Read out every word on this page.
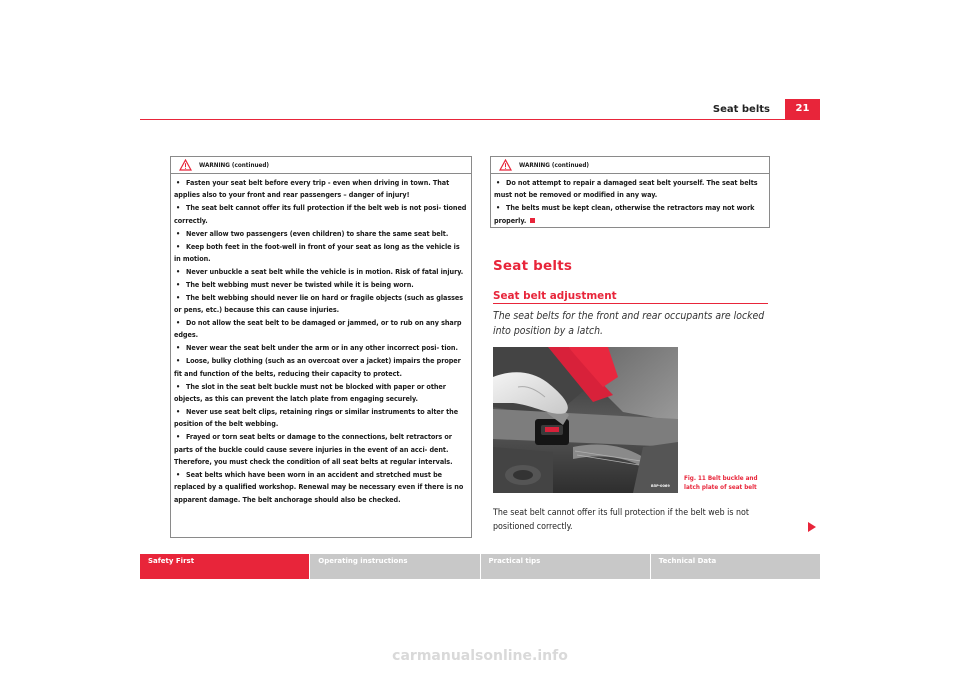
Seat belts	21
WARNING (continued)
• Fasten your seat belt before every trip - even when driving in town. That applies also to your front and rear passengers – danger of injury!
• The seat belt cannot offer its full protection if the belt web is not posi- tioned correctly.
• Never allow two passengers (even children) to share the same seat belt.
• Keep both feet in the foot-well in front of your seat as long as the vehicle is in motion.
• Never unbuckle a seat belt while the vehicle is in motion. Risk of fatal injury.
• The belt webbing must never be twisted while it is being worn.
• The belt webbing should never lie on hard or fragile objects (such as glasses or pens, etc.) because this can cause injuries.
• Do not allow the seat belt to be damaged or jammed, or to rub on any sharp edges.
• Never wear the seat belt under the arm or in any other incorrect posi- tion.
• Loose, bulky clothing (such as an overcoat over a jacket) impairs the proper fit and function of the belts, reducing their capacity to protect.
• The slot in the seat belt buckle must not be blocked with paper or other objects, as this can prevent the latch plate from engaging securely.
• Never use seat belt clips, retaining rings or similar instruments to alter the position of the belt webbing.
• Frayed or torn seat belts or damage to the connections, belt retractors or parts of the buckle could cause severe injuries in the event of an acci- dent. Therefore, you must check the condition of all seat belts at regular intervals.
• Seat belts which have been worn in an accident and stretched must be replaced by a qualified workshop. Renewal may be necessary even if there is no apparent damage. The belt anchorage should also be checked.
WARNING (continued)
• Do not attempt to repair a damaged seat belt yourself. The seat belts must not be removed or modified in any way.
• The belts must be kept clean, otherwise the retractors may not work properly.
Seat belts
Seat belt adjustment
The seat belts for the front and rear occupants are locked into position by a latch.
B5P-0069
Fig. 11 Belt buckle and latch plate of seat belt
The seat belt cannot offer its full protection if the belt web is not positioned correctly.
Safety First	Operating instructions	Practical tips	Technical Data
carmanualsonline.info
